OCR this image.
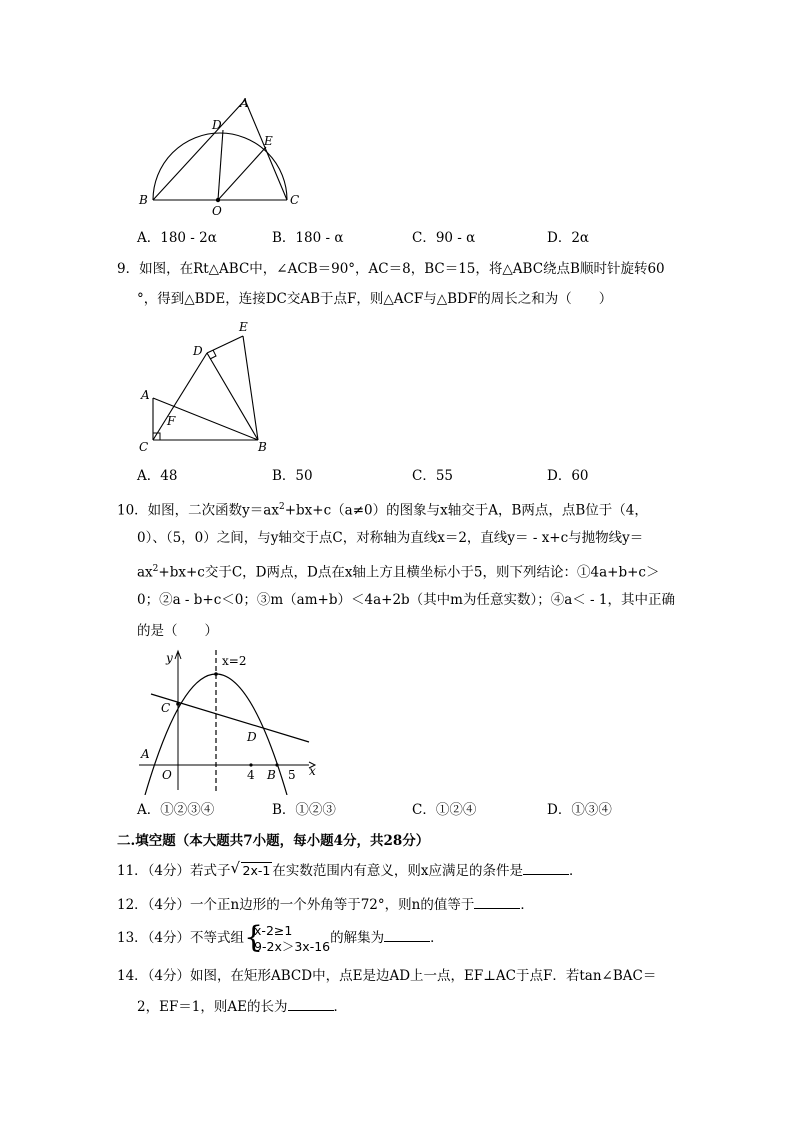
A
D
E
B
O
C
A．180 - 2α	B．180 - α	C．90 - α	D．2α
9．如图，在Rt△ABC中，∠ACB＝90°，AC＝8，BC＝15，将△ABC绕点B顺时针旋转60
°，得到△BDE，连接DC交AB于点F，则△ACF与△BDF的周长之和为（　　）
E
D
A
F
C	B
A．48	B．50	C．55	D．60
10．如图，二次函数$y=ax^2+bx+c(a\ne 0)$的图象与x轴交于A，B两点，点B位于（4，
0）、（5，0）之间，与y轴交于点C，对称轴为直线x＝2，直线y＝ - x+c与抛物线y＝
$ax^2+bx+c$交于C，D两点，D点在x轴上方且横坐标小于5，则下列结论：①4a+b+c＞
0；②a - b+c＜0；③m（am+b）＜4a+2b（其中m为任意实数）；④a＜ - 1，其中正确
的是（　　）
y	x=2
C
D
A
O	4 B 5 x
A．①②③④	B．①②③	C．①②④	D．①③④
二.填空题（本大题共7小题，每小题4分，共28分）
11．（4分）若式子 √ 2x-1 在实数范围内有意义，则x应满足的条件是	．
12．（4分）一个正n边形的一个外角等于72°，则n的值等于	．
13．（4分）不等式组 {
x-2≥1
9-2x＞3x-16 的解集为	．
14．（4分）如图，在矩形ABCD中，点E是边AD上一点，EF⊥AC于点F．若tan∠BAC＝
2，EF＝1，则AE的长为	．
